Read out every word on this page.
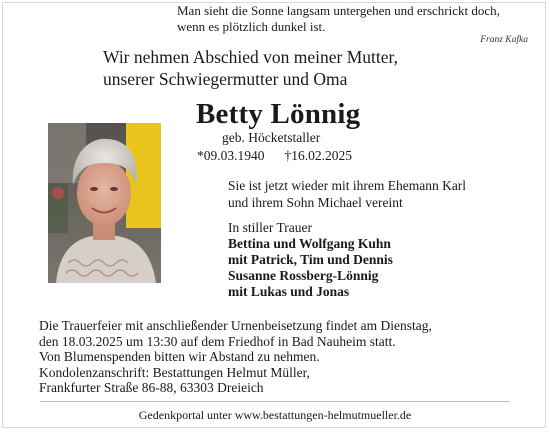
Man sieht die Sonne langsam untergehen und erschrickt doch,
wenn es plötzlich dunkel ist.

Franz Kafka

Wir nehmen Abschied von meiner Mutter,
unserer Schwiegermutter und Oma

Betty Lönnig
geb. Höcketstaller
*09.03.1940 †16.02.2025
Sie ist jetzt wieder mit ihrem Ehemann Karl
und ihrem Sohn Michael vereint
In stiller Trauer
Bettina und Wolfgang Kuhn
mit Patrick, Tim und Dennis
Susanne Rossberg-Lönnig
mit Lukas und Jonas
Die Trauerfeier mit anschließender Urnenbeisetzung findet am Dienstag,
den 18.03.2025 um 13:30 auf dem Friedhof in Bad Nauheim statt.
Von Blumenspenden bitten wir Abstand zu nehmen.
Kondolenzanschrift: Bestattungen Helmut Müller,
Frankfurter Straße 86-88, 63303 Dreieich
Gedenkportal unter www.bestattungen-helmutmueller.de
